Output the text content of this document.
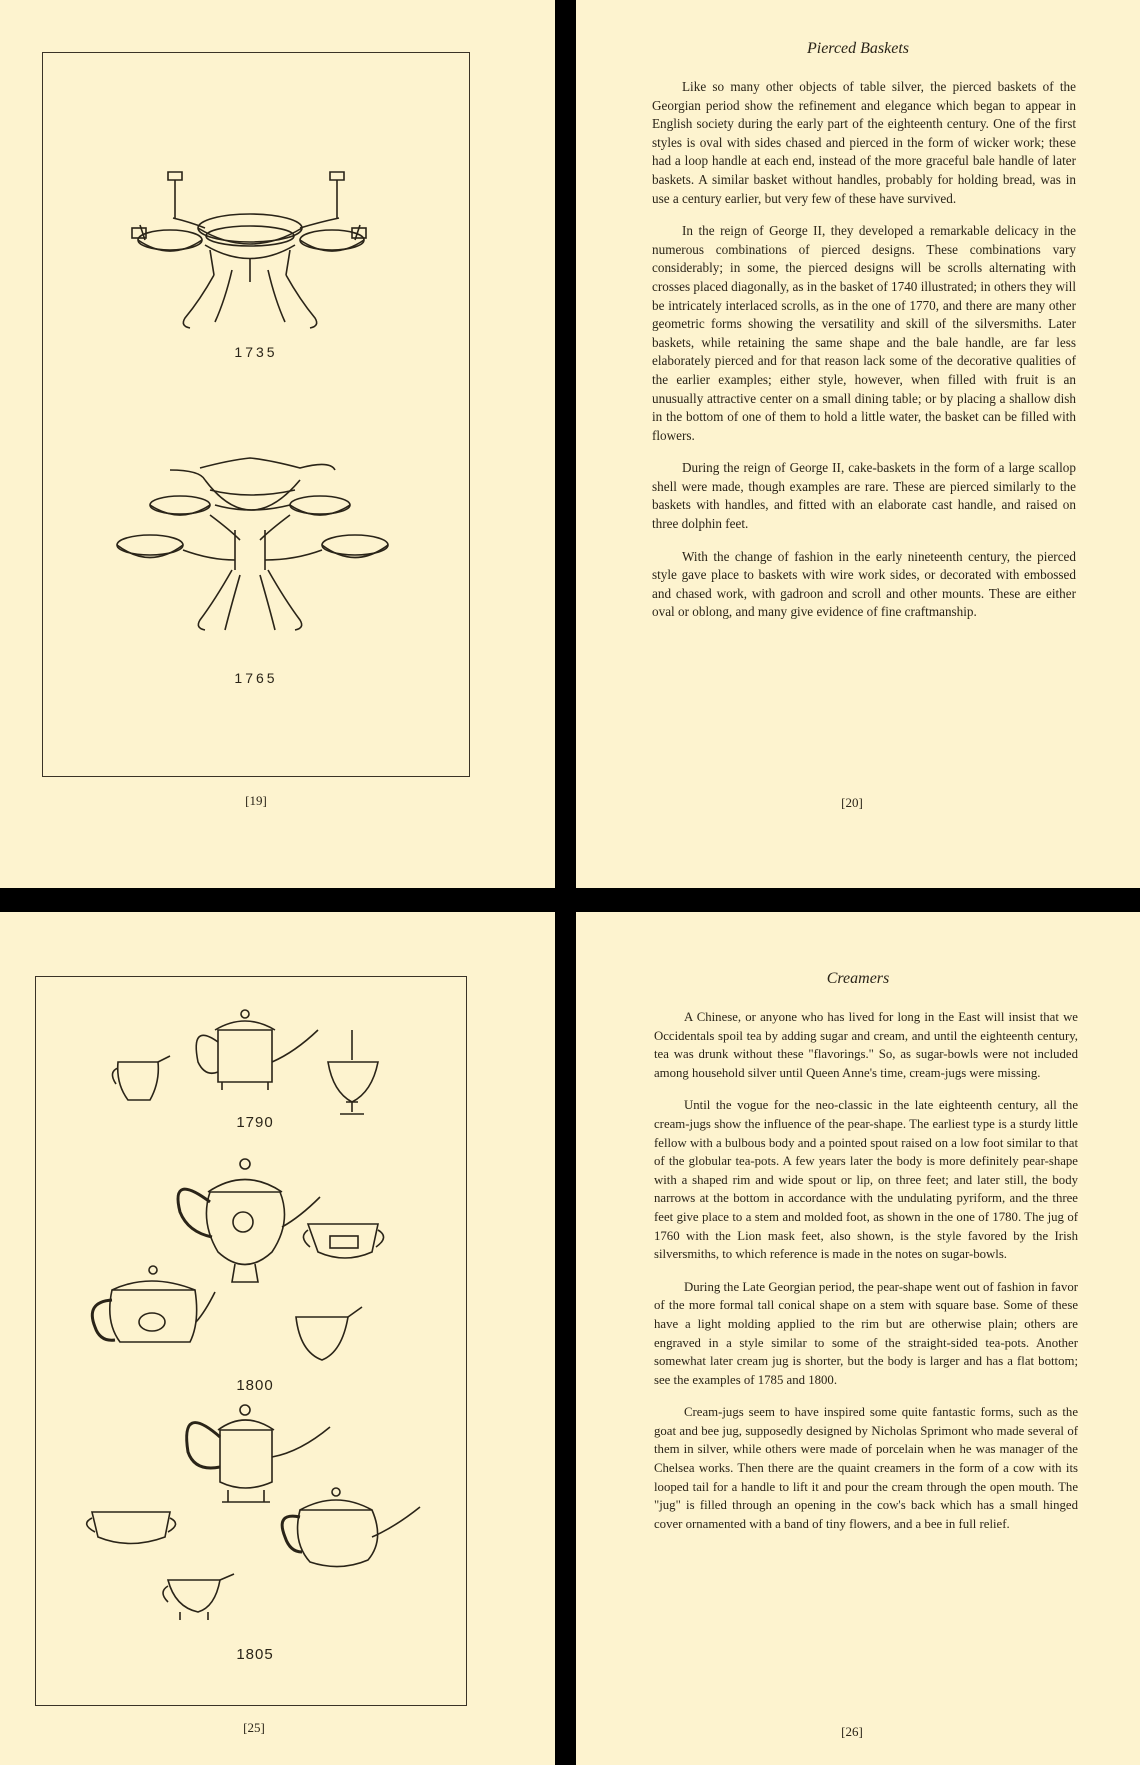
1735
1765
[19]
Pierced Baskets

Like so many other objects of table silver, the pierced baskets of the Georgian period show the refinement and elegance which began to appear in English society during the early part of the eighteenth century. One of the first styles is oval with sides chased and pierced in the form of wicker work; these had a loop handle at each end, instead of the more graceful bale handle of later baskets. A similar basket without handles, probably for holding bread, was in use a century earlier, but very few of these have survived.

In the reign of George II, they developed a remarkable delicacy in the numerous combinations of pierced designs. These combinations vary considerably; in some, the pierced designs will be scrolls alternating with crosses placed diagonally, as in the basket of 1740 illustrated; in others they will be intricately interlaced scrolls, as in the one of 1770, and there are many other geometric forms showing the versatility and skill of the silversmiths. Later baskets, while retaining the same shape and the bale handle, are far less elaborately pierced and for that reason lack some of the decorative qualities of the earlier examples; either style, however, when filled with fruit is an unusually attractive center on a small dining table; or by placing a shallow dish in the bottom of one of them to hold a little water, the basket can be filled with flowers.

During the reign of George II, cake-baskets in the form of a large scallop shell were made, though examples are rare. These are pierced similarly to the baskets with handles, and fitted with an elaborate cast handle, and raised on three dolphin feet.

With the change of fashion in the early nineteenth century, the pierced style gave place to baskets with wire work sides, or decorated with embossed and chased work, with gadroon and scroll and other mounts. These are either oval or oblong, and many give evidence of fine craftmanship.

[20]
1790
1800
1805
[25]
Creamers

A Chinese, or anyone who has lived for long in the East will insist that we Occidentals spoil tea by adding sugar and cream, and until the eighteenth century, tea was drunk without these "flavorings." So, as sugar-bowls were not included among household silver until Queen Anne's time, cream-jugs were missing.

Until the vogue for the neo-classic in the late eighteenth century, all the cream-jugs show the influence of the pear-shape. The earliest type is a sturdy little fellow with a bulbous body and a pointed spout raised on a low foot similar to that of the globular tea-pots. A few years later the body is more definitely pear-shape with a shaped rim and wide spout or lip, on three feet; and later still, the body narrows at the bottom in accordance with the undulating pyriform, and the three feet give place to a stem and molded foot, as shown in the one of 1780. The jug of 1760 with the Lion mask feet, also shown, is the style favored by the Irish silversmiths, to which reference is made in the notes on sugar-bowls.

During the Late Georgian period, the pear-shape went out of fashion in favor of the more formal tall conical shape on a stem with square base. Some of these have a light molding applied to the rim but are otherwise plain; others are engraved in a style similar to some of the straight-sided tea-pots. Another somewhat later cream jug is shorter, but the body is larger and has a flat bottom; see the examples of 1785 and 1800.

Cream-jugs seem to have inspired some quite fantastic forms, such as the goat and bee jug, supposedly designed by Nicholas Sprimont who made several of them in silver, while others were made of porcelain when he was manager of the Chelsea works. Then there are the quaint creamers in the form of a cow with its looped tail for a handle to lift it and pour the cream through the open mouth. The "jug" is filled through an opening in the cow's back which has a small hinged cover ornamented with a band of tiny flowers, and a bee in full relief.

[26]
